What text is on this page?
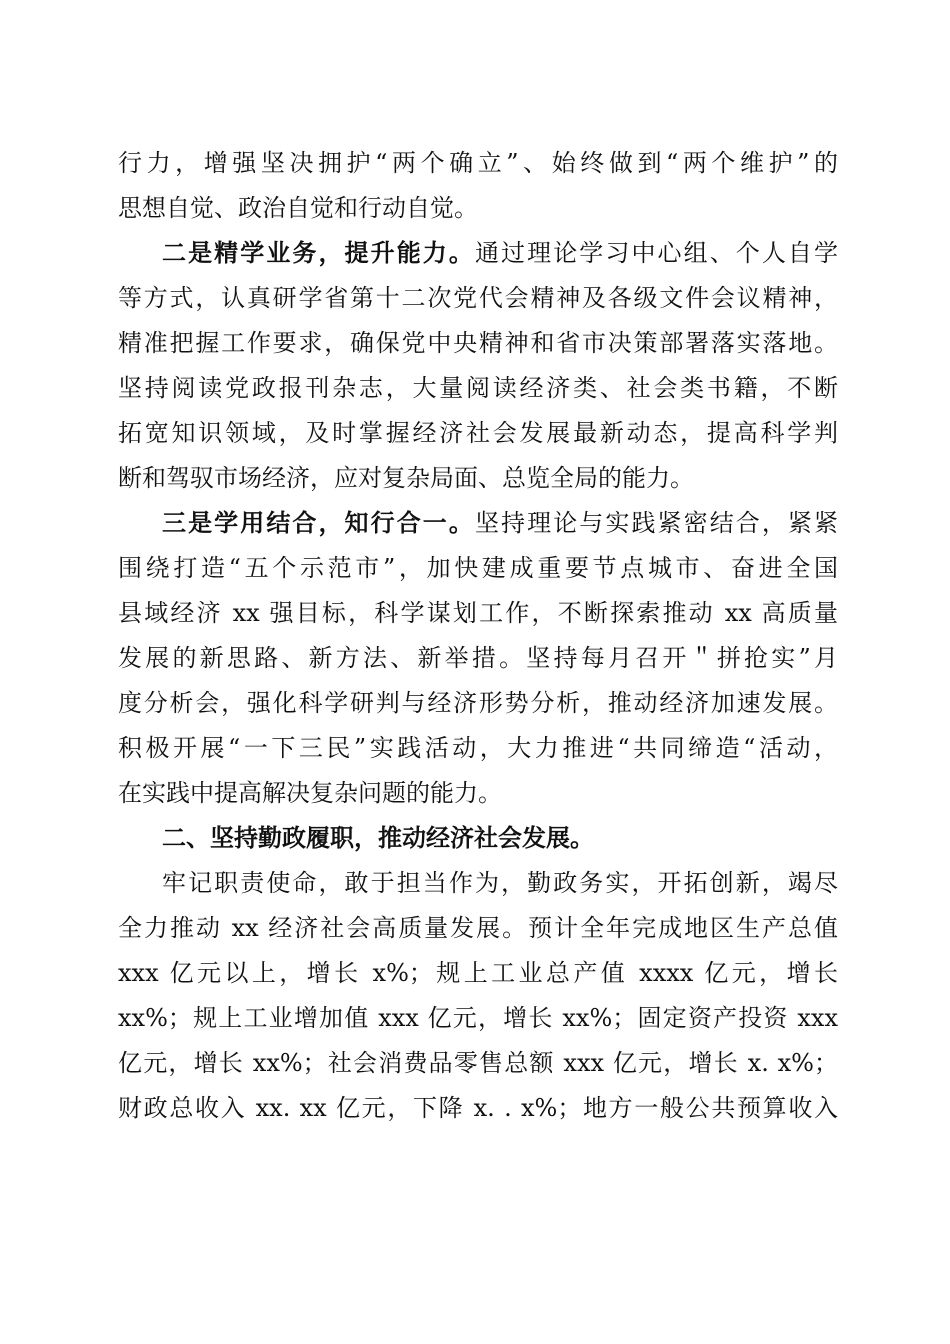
行力，增强坚决拥护“两个确立”、始终做到“两个维护”的
思想自觉、政治自觉和行动自觉。
二是精学业务，提升能力。通过理论学习中心组、个人自学
等方式，认真研学省第十二次党代会精神及各级文件会议精神，
精准把握工作要求，确保党中央精神和省市决策部署落实落地。
坚持阅读党政报刊杂志，大量阅读经济类、社会类书籍，不断
拓宽知识领域，及时掌握经济社会发展最新动态，提高科学判
断和驾驭市场经济，应对复杂局面、总览全局的能力。
三是学用结合，知行合一。坚持理论与实践紧密结合，紧紧
围绕打造“五个示范市”，加快建成重要节点城市、奋进全国
县域经济 xx 强目标，科学谋划工作，不断探索推动 xx 高质量
发展的新思路、新方法、新举措。坚持每月召开＂拼抢实”月
度分析会，强化科学研判与经济形势分析，推动经济加速发展。
积极开展“一下三民”实践活动，大力推进“共同缔造“活动，
在实践中提高解决复杂问题的能力。
二、坚持勤政履职，推动经济社会发展。
牢记职责使命，敢于担当作为，勤政务实，开拓创新，竭尽
全力推动 xx 经济社会高质量发展。预计全年完成地区生产总值
xxx 亿元以上，增长 x%；规上工业总产值 xxxx 亿元，增长
xx%；规上工业增加值 xxx 亿元，增长 xx%；固定资产投资 xxx
亿元，增长 xx%；社会消费品零售总额 xxx 亿元，增长 x. x%；
财政总收入 xx. xx 亿元，下降 x. . x%；地方一般公共预算收入
